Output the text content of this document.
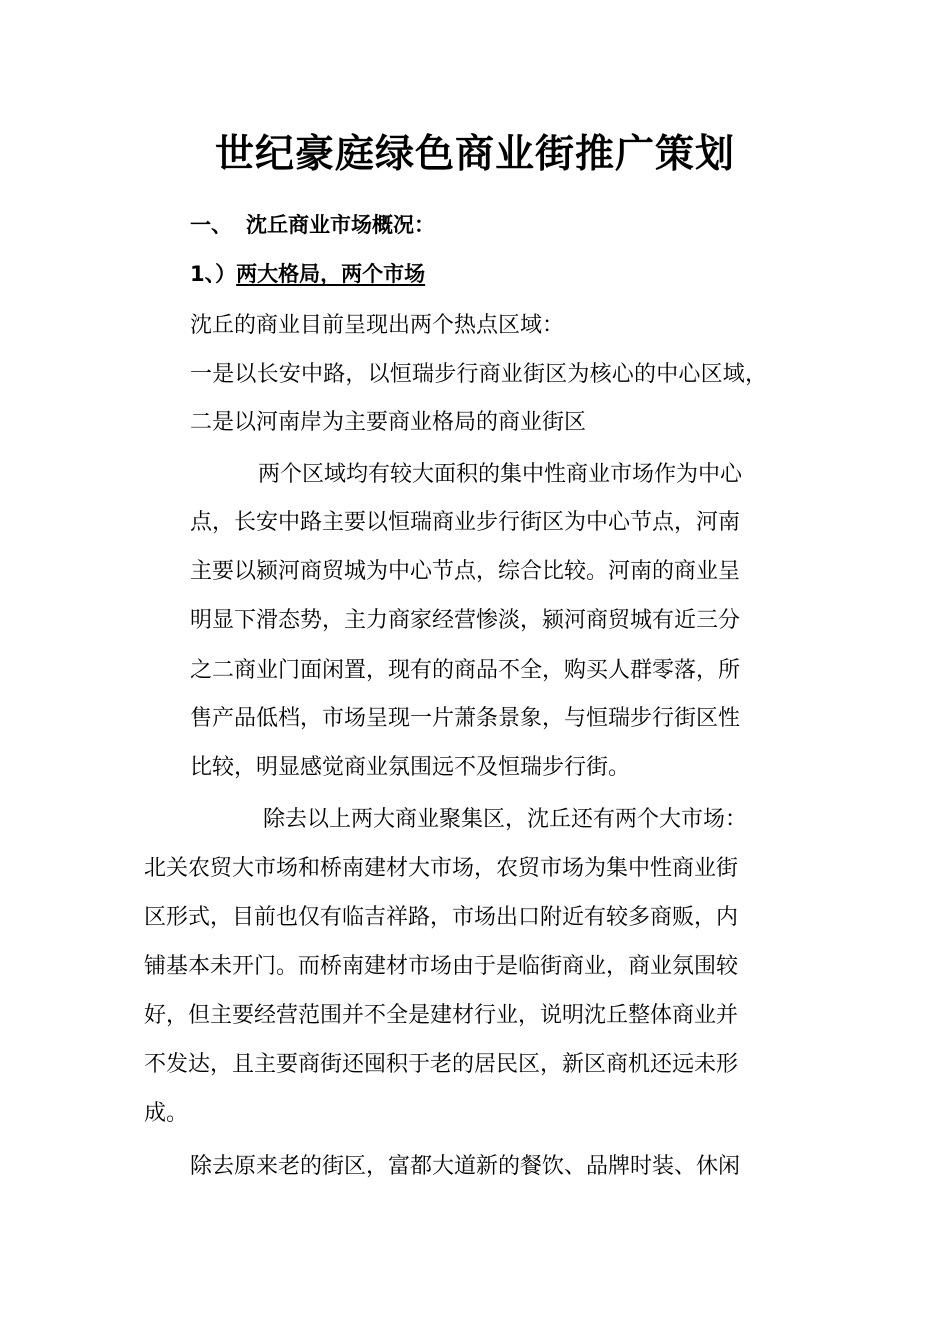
世纪豪庭绿色商业街推广策划
一、 沈丘商业市场概况：
1、）两大格局，两个市场
沈丘的商业目前呈现出两个热点区域：
一是以长安中路，以恒瑞步行商业街区为核心的中心区域，
二是以河南岸为主要商业格局的商业街区
两个区域均有较大面积的集中性商业市场作为中心
点，长安中路主要以恒瑞商业步行街区为中心节点，河南
主要以颍河商贸城为中心节点，综合比较。河南的商业呈
明显下滑态势，主力商家经营惨淡，颍河商贸城有近三分
之二商业门面闲置，现有的商品不全，购买人群零落，所
售产品低档，市场呈现一片萧条景象，与恒瑞步行街区性
比较，明显感觉商业氛围远不及恒瑞步行街。
除去以上两大商业聚集区，沈丘还有两个大市场：
北关农贸大市场和桥南建材大市场，农贸市场为集中性商业街
区形式，目前也仅有临吉祥路，市场出口附近有较多商贩，内
铺基本未开门。而桥南建材市场由于是临街商业，商业氛围较
好，但主要经营范围并不全是建材行业，说明沈丘整体商业并
不发达，且主要商街还囤积于老的居民区，新区商机还远未形
成。
除去原来老的街区，富都大道新的餐饮、品牌时装、休闲
